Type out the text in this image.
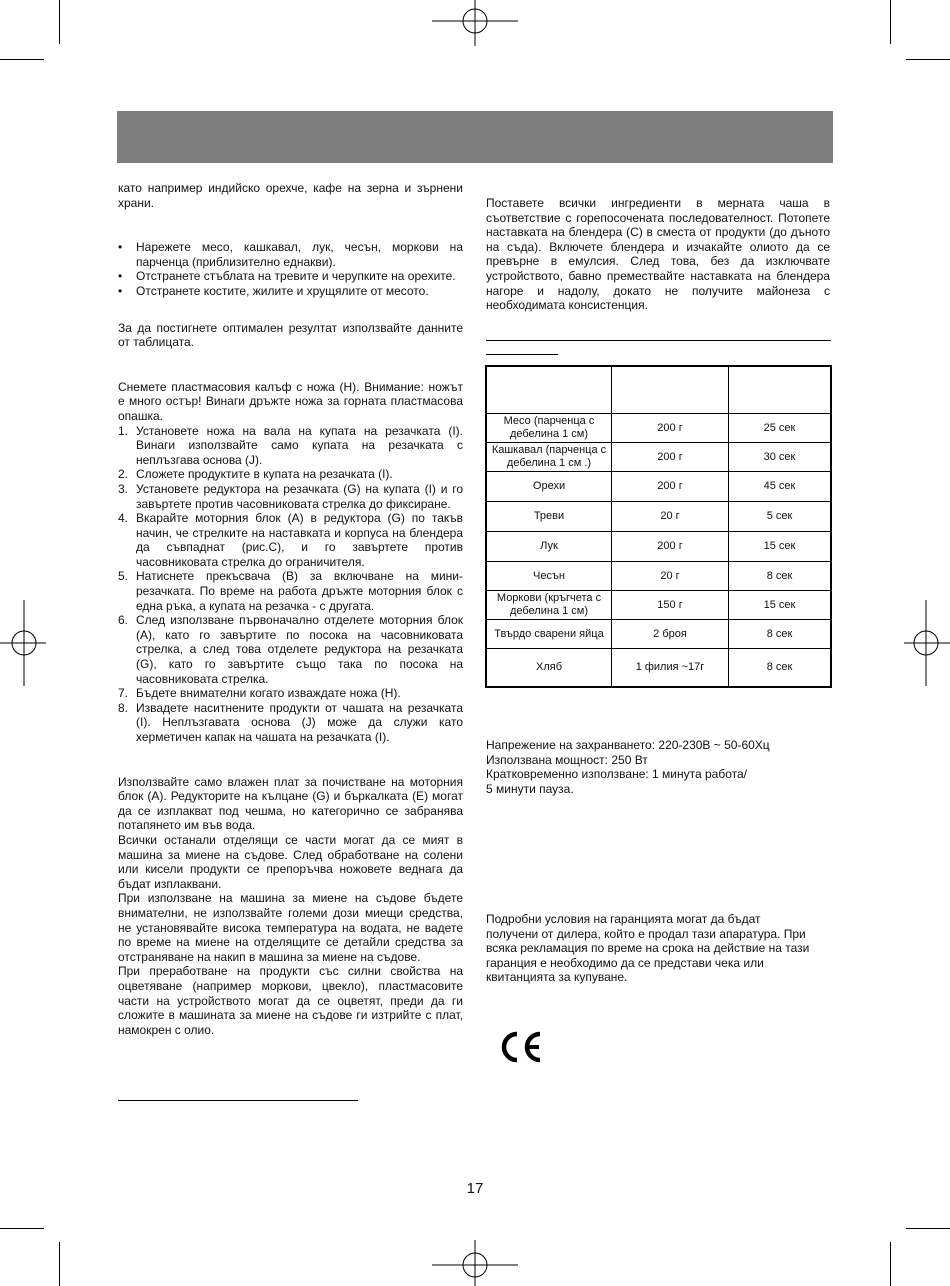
като например индийско орехче, кафе на зерна и зърнени храни.

• Нарежете месо, кашкавал, лук, чесън, моркови на парченца (приблизително еднакви).
• Отстранете стъблата на тревите и черупките на орехите.
• Отстранете костите, жилите и хрущялите от месото.

За да постигнете оптимален резултат използвайте данните от таблицата.

Снемете пластмасовия калъф с ножа (H). Внимание: ножът е много остър! Винаги дръжте ножа за горната пластмасова опашка.

1. Установете ножа на вала на купата на резачката (I). Винаги използвайте само купата на резачката с неплъзгава основа (J).
2. Сложете продуктите в купата на резачката (I).
3. Установете редуктора на резачката (G) на купата (I) и го завъртете против часовниковата стрелка до фиксиране.
4. Вкарайте моторния блок (A) в редуктора (G) по такъв начин, че стрелките на наставката и корпуса на блендера да съвпаднат (рис.C), и го завъртете против часовниковата стрелка до ограничителя.
5. Натиснете прекъсвача (B) за включване на мини-резачката. По време на работа дръжте моторния блок с една ръка, а купата на резачка - с другата.
6. След използване първоначално отделете моторния блок (A), като го завъртите по посока на часовниковата стрелка, а след това отделете редуктора на резачката (G), като го завъртите също така по посока на часовниковата стрелка.
7. Бъдете внимателни когато изваждате ножа (H).
8. Извадете наситнените продукти от чашата на резачката (I). Неплъзгавата основа (J) може да служи като херметичен капак на чашата на резачката (I).

Използвайте само влажен плат за почистване на моторния блок (A). Редукторите на кълцане (G) и бъркалката (E) могат да се изплакват под чешма, но категорично се забранява потапянето им във вода.

Всички останали отделящи се части могат да се мият в машина за миене на съдове. След обработване на солени или кисели продукти се препоръчва ножовете веднага да бъдат изплаквани.

При използване на машина за миене на съдове бъдете внимателни, не използвайте големи дози миещи средства, не установявайте висока температура на водата, не вадете по време на миене на отделящите се детайли средства за отстраняване на накип в машина за миене на съдове.

При преработване на продукти със силни свойства на оцветяване (например моркови, цвекло), пластмасовите части на устройството могат да се оцветят, преди да ги сложите в машината за миене на съдове ги изтрийте с плат, намокрен с олио.

Поставете всички ингредиенти в мерната чаша в съответствие с горепосочената последователност. Потопете наставката на блендера (C) в сместа от продукти (до дъното на съда). Включете блендера и изчакайте олиото да се превърне в емулсия. След това, без да изключвате устройството, бавно премествайте наставката на блендера нагоре и надолу, докато не получите майонеза с необходимата консистенция.

Месо (парченца с дебелина 1 см)	200 г	25 сек
Кашкавал (парченца с дебелина 1 см .)	200 г	30 сек
Орехи	200 г	45 сек
Треви	20 г	5 сек
Лук	200 г	15 сек
Чесън	20 г	8 сек
Моркови (кръгчета с дебелина 1 см)	150 г	15 сек
Твърдо сварени яйца	2 броя	8 сек
Хляб	1 филия ~17г	8 сек
Напрежение на захранването: 220-230В ~ 50-60Хц
Използвана мощност: 250 Вт
Кратковременно използване: 1 минута работа/
5 минути пауза.

Подробни условия на гаранцията могат да бъдат получени от дилера, който е продал тази апаратура. При всяка рекламация по време на срока на действие на тази гаранция е необходимо да се представи чека или квитанцията за купуване.

17
